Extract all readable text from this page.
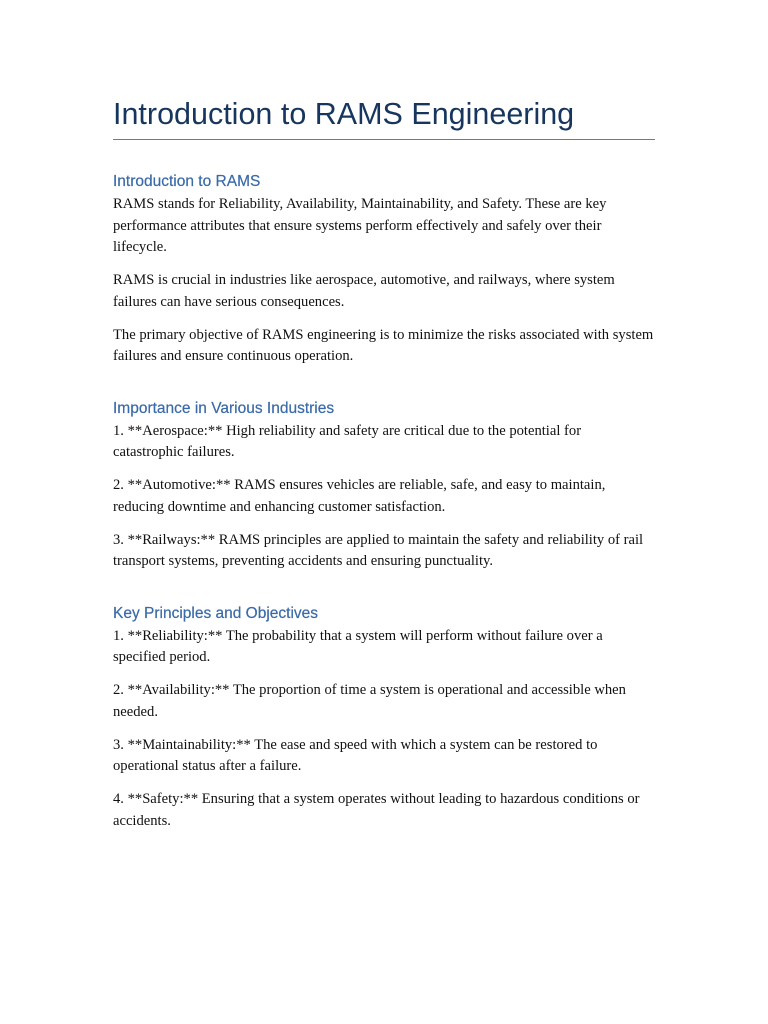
Introduction to RAMS Engineering
Introduction to RAMS

RAMS stands for Reliability, Availability, Maintainability, and Safety. These are key performance attributes that ensure systems perform effectively and safely over their lifecycle.

RAMS is crucial in industries like aerospace, automotive, and railways, where system failures can have serious consequences.

The primary objective of RAMS engineering is to minimize the risks associated with system failures and ensure continuous operation.

Importance in Various Industries

1. **Aerospace:** High reliability and safety are critical due to the potential for catastrophic failures.

2. **Automotive:** RAMS ensures vehicles are reliable, safe, and easy to maintain, reducing downtime and enhancing customer satisfaction.

3. **Railways:** RAMS principles are applied to maintain the safety and reliability of rail transport systems, preventing accidents and ensuring punctuality.

Key Principles and Objectives

1. **Reliability:** The probability that a system will perform without failure over a specified period.

2. **Availability:** The proportion of time a system is operational and accessible when needed.

3. **Maintainability:** The ease and speed with which a system can be restored to operational status after a failure.

4. **Safety:** Ensuring that a system operates without leading to hazardous conditions or accidents.
